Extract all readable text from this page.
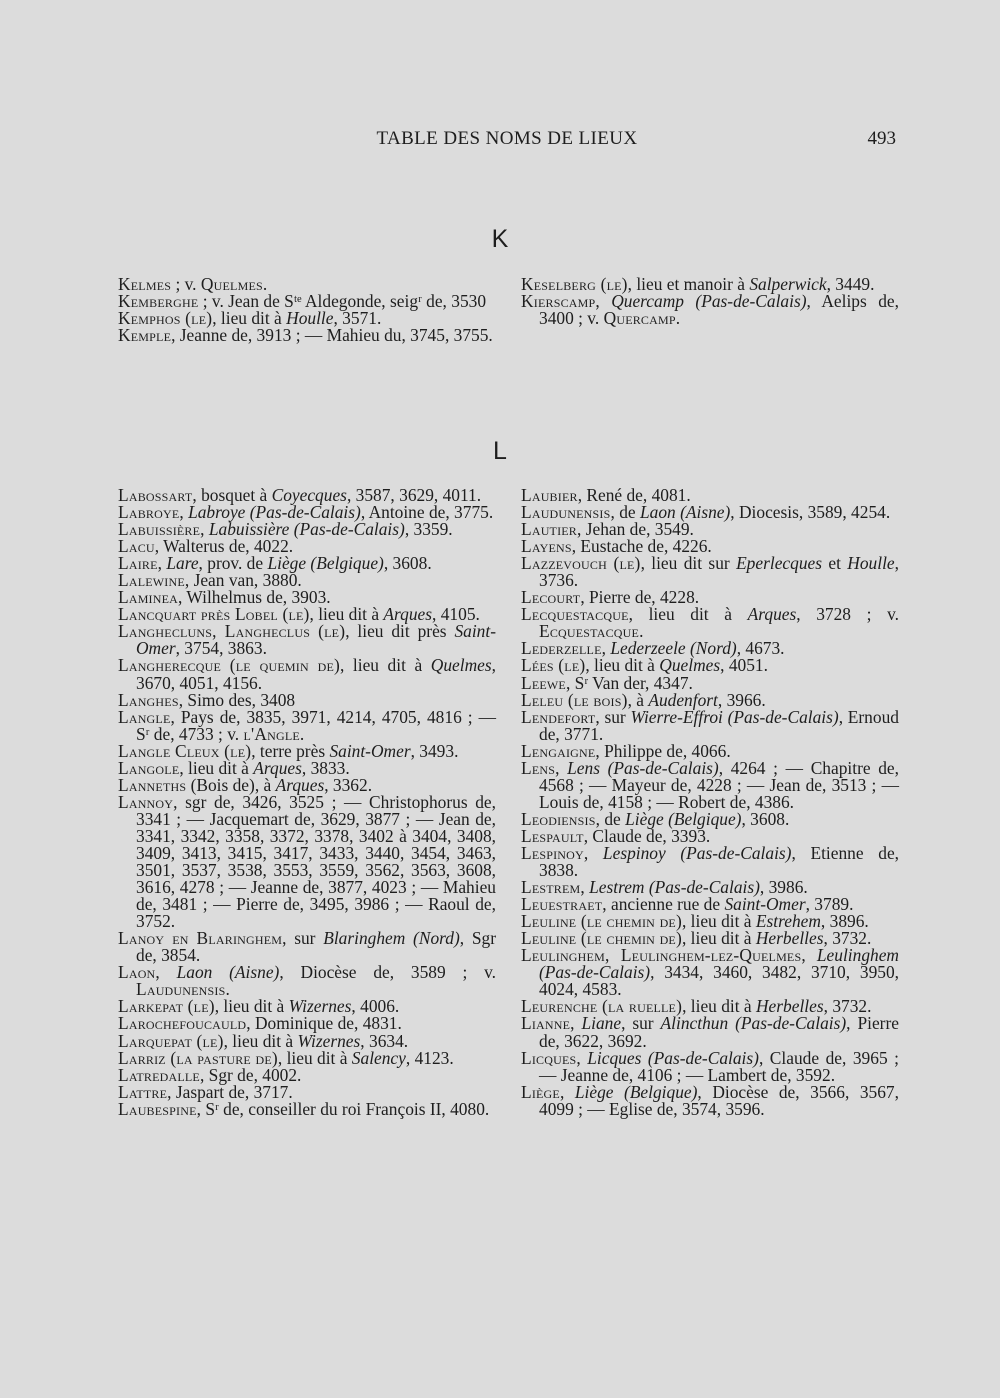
TABLE DES NOMS DE LIEUX	493
K
Kelmes ; v. Quelmes.
Kemberghe ; v. Jean de Sᵗᵉ Aldegonde, seigʳ de, 3530
Kemphos (le), lieu dit à Houlle, 3571.
Kemple, Jeanne de, 3913 ; — Mahieu du, 3745, 3755.
Keselberg (le), lieu et manoir à Salperwick, 3449.
Kierscamp, Quercamp (Pas-de-Calais), Aelips de, 3400 ; v. Quercamp.
L
Labossart, bosquet à Coyecques, 3587, 3629, 4011.
Labroye, Labroye (Pas-de-Calais), Antoine de, 3775.
Labuissière, Labuissière (Pas-de-Calais), 3359.
Lacu, Walterus de, 4022.
Laire, Lare, prov. de Liège (Belgique), 3608.
Lalewine, Jean van, 3880.
Laminea, Wilhelmus de, 3903.
Lancquart près Lobel (le), lieu dit à Arques, 4105.
Langhecluns, Langheclus (le), lieu dit près Saint-Omer, 3754, 3863.
Langherecque (le quemin de), lieu dit à Quelmes, 3670, 4051, 4156.
Langhes, Simo des, 3408
Langle, Pays de, 3835, 3971, 4214, 4705, 4816 ; — Sʳ de, 4733 ; v. l'Angle.
Langle Cleux (le), terre près Saint-Omer, 3493.
Langole, lieu dit à Arques, 3833.
Lanneths (Bois de), à Arques, 3362.
Lannoy, sgr de, 3426, 3525 ; — Christophorus de, 3341 ; — Jacquemart de, 3629, 3877 ; — Jean de, 3341, 3342, 3358, 3372, 3378, 3402 à 3404, 3408, 3409, 3413, 3415, 3417, 3433, 3440, 3454, 3463, 3501, 3537, 3538, 3553, 3559, 3562, 3563, 3608, 3616, 4278 ; — Jeanne de, 3877, 4023 ; — Mahieu de, 3481 ; — Pierre de, 3495, 3986 ; — Raoul de, 3752.
Lanoy en Blaringhem, sur Blaringhem (Nord), Sgr de, 3854.
Laon, Laon (Aisne), Diocèse de, 3589 ; v. Laudunensis.
Larkepat (le), lieu dit à Wizernes, 4006.
Larochefoucauld, Dominique de, 4831.
Larquepat (le), lieu dit à Wizernes, 3634.
Larriz (la pasture de), lieu dit à Salency, 4123.
Latredalle, Sgr de, 4002.
Lattre, Jaspart de, 3717.
Laubespine, Sʳ de, conseiller du roi François II, 4080.
Laubier, René de, 4081.
Laudunensis, de Laon (Aisne), Diocesis, 3589, 4254.
Lautier, Jehan de, 3549.
Layens, Eustache de, 4226.
Lazzevouch (le), lieu dit sur Eperlecques et Houlle, 3736.
Lecourt, Pierre de, 4228.
Lecquestacque, lieu dit à Arques, 3728 ; v. Ecquestacque.
Lederzelle, Lederzeele (Nord), 4673.
Lées (le), lieu dit à Quelmes, 4051.
Leewe, Sʳ Van der, 4347.
Leleu (le bois), à Audenfort, 3966.
Lendefort, sur Wierre-Effroi (Pas-de-Calais), Ernoud de, 3771.
Lengaigne, Philippe de, 4066.
Lens, Lens (Pas-de-Calais), 4264 ; — Chapitre de, 4568 ; — Mayeur de, 4228 ; — Jean de, 3513 ; — Louis de, 4158 ; — Robert de, 4386.
Leodiensis, de Liège (Belgique), 3608.
Lespault, Claude de, 3393.
Lespinoy, Lespinoy (Pas-de-Calais), Etienne de, 3838.
Lestrem, Lestrem (Pas-de-Calais), 3986.
Leuestraet, ancienne rue de Saint-Omer, 3789.
Leuline (le chemin de), lieu dit à Estrehem, 3896.
Leuline (le chemin de), lieu dit à Herbelles, 3732.
Leulinghem, Leulinghem-lez-Quelmes, Leulinghem (Pas-de-Calais), 3434, 3460, 3482, 3710, 3950, 4024, 4583.
Leurenche (la ruelle), lieu dit à Herbelles, 3732.
Lianne, Liane, sur Alincthun (Pas-de-Calais), Pierre de, 3622, 3692.
Licques, Licques (Pas-de-Calais), Claude de, 3965 ; — Jeanne de, 4106 ; — Lambert de, 3592.
Liège, Liège (Belgique), Diocèse de, 3566, 3567, 4099 ; — Eglise de, 3574, 3596.
